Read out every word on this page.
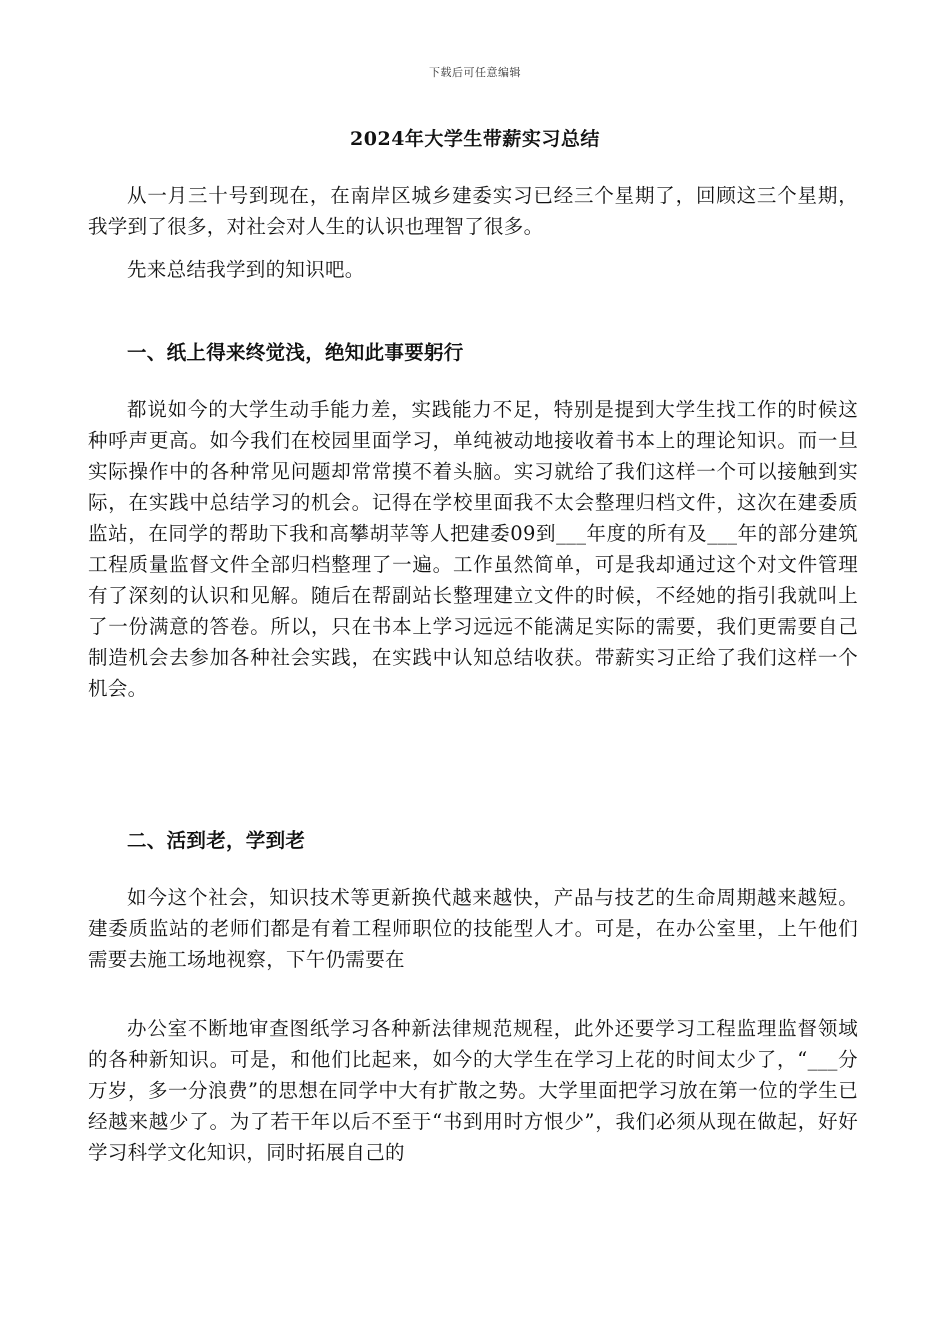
下载后可任意编辑
2024年大学生带薪实习总结

从一月三十号到现在，在南岸区城乡建委实习已经三个星期了，回顾这三个星期，我学到了很多，对社会对人生的认识也理智了很多。

先来总结我学到的知识吧。

一、纸上得来终觉浅，绝知此事要躬行

都说如今的大学生动手能力差，实践能力不足，特别是提到大学生找工作的时候这种呼声更高。如今我们在校园里面学习，单纯被动地接收着书本上的理论知识。而一旦实际操作中的各种常见问题却常常摸不着头脑。实习就给了我们这样一个可以接触到实际，在实践中总结学习的机会。记得在学校里面我不太会整理归档文件，这次在建委质监站，在同学的帮助下我和高攀胡苹等人把建委09到___年度的所有及___年的部分建筑工程质量监督文件全部归档整理了一遍。工作虽然简单，可是我却通过这个对文件管理有了深刻的认识和见解。随后在帮副站长整理建立文件的时候，不经她的指引我就叫上了一份满意的答卷。所以，只在书本上学习远远不能满足实际的需要，我们更需要自己制造机会去参加各种社会实践，在实践中认知总结收获。带薪实习正给了我们这样一个机会。

二、活到老，学到老

如今这个社会，知识技术等更新换代越来越快，产品与技艺的生命周期越来越短。建委质监站的老师们都是有着工程师职位的技能型人才。可是，在办公室里，上午他们需要去施工场地视察，下午仍需要在

办公室不断地审查图纸学习各种新法律规范规程，此外还要学习工程监理监督领域的各种新知识。可是，和他们比起来，如今的大学生在学习上花的时间太少了，“___分万岁，多一分浪费”的思想在同学中大有扩散之势。大学里面把学习放在第一位的学生已经越来越少了。为了若干年以后不至于“书到用时方恨少”，我们必须从现在做起，好好学习科学文化知识，同时拓展自己的
